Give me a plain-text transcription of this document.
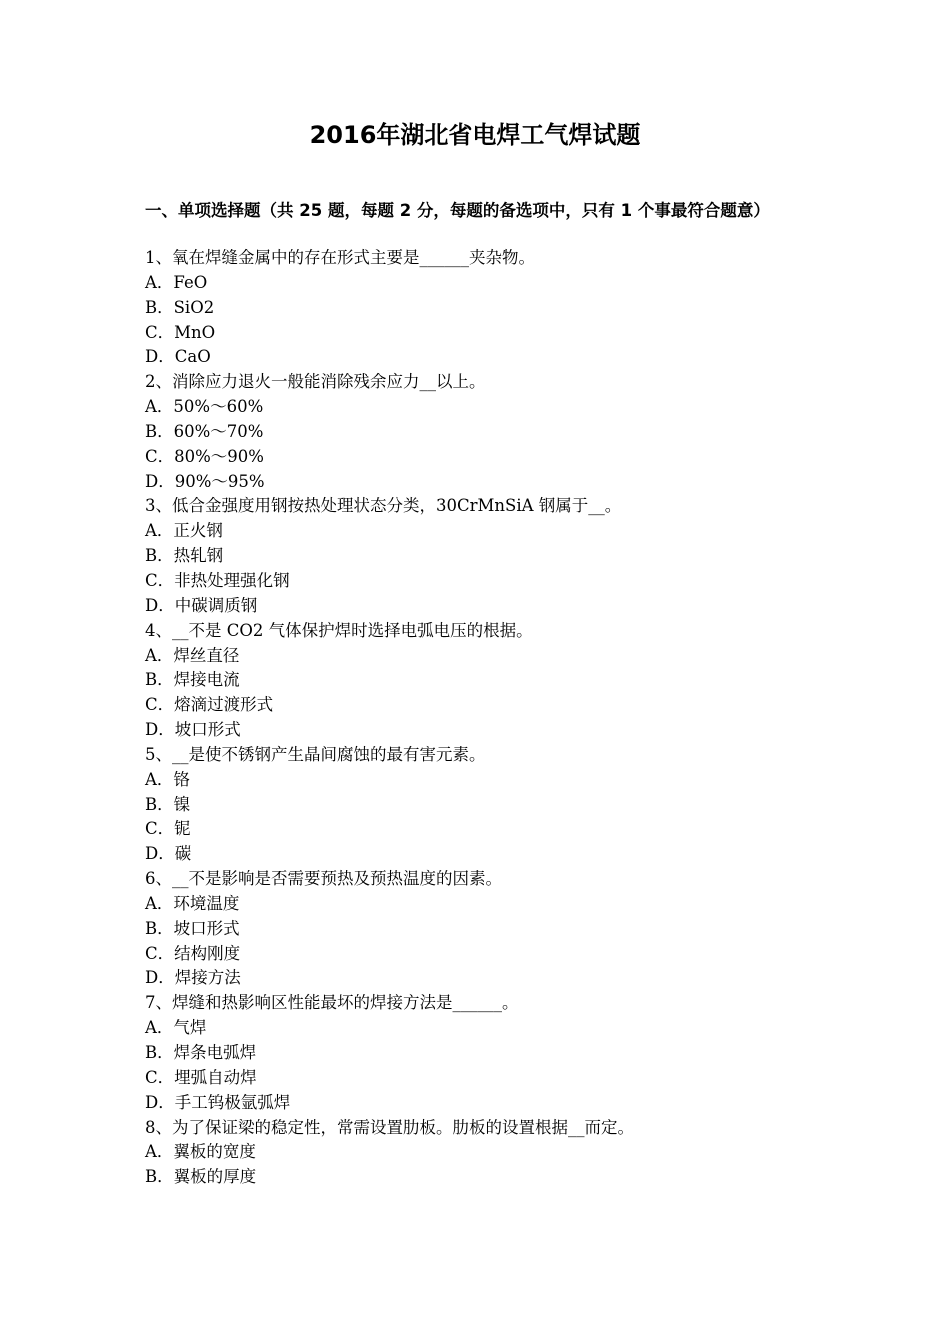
2016年湖北省电焊工气焊试题
一、单项选择题（共 25 题，每题 2 分，每题的备选项中，只有 1 个事最符合题意）
1、氧在焊缝金属中的存在形式主要是______夹杂物。
A．FeO
B．SiO2
C．MnO
D．CaO
2、消除应力退火一般能消除残余应力__以上。
A．50%～60%
B．60%～70%
C．80%～90%
D．90%～95%
3、低合金强度用钢按热处理状态分类，30CrMnSiA 钢属于__。
A．正火钢
B．热轧钢
C．非热处理强化钢
D．中碳调质钢
4、__不是 CO2 气体保护焊时选择电弧电压的根据。
A．焊丝直径
B．焊接电流
C．熔滴过渡形式
D．坡口形式
5、__是使不锈钢产生晶间腐蚀的最有害元素。
A．铬
B．镍
C．铌
D．碳
6、__不是影响是否需要预热及预热温度的因素。
A．环境温度
B．坡口形式
C．结构刚度
D．焊接方法
7、焊缝和热影响区性能最坏的焊接方法是______。
A．气焊
B．焊条电弧焊
C．埋弧自动焊
D．手工钨极氩弧焊
8、为了保证梁的稳定性，常需设置肋板。肋板的设置根据__而定。
A．翼板的宽度
B．翼板的厚度
